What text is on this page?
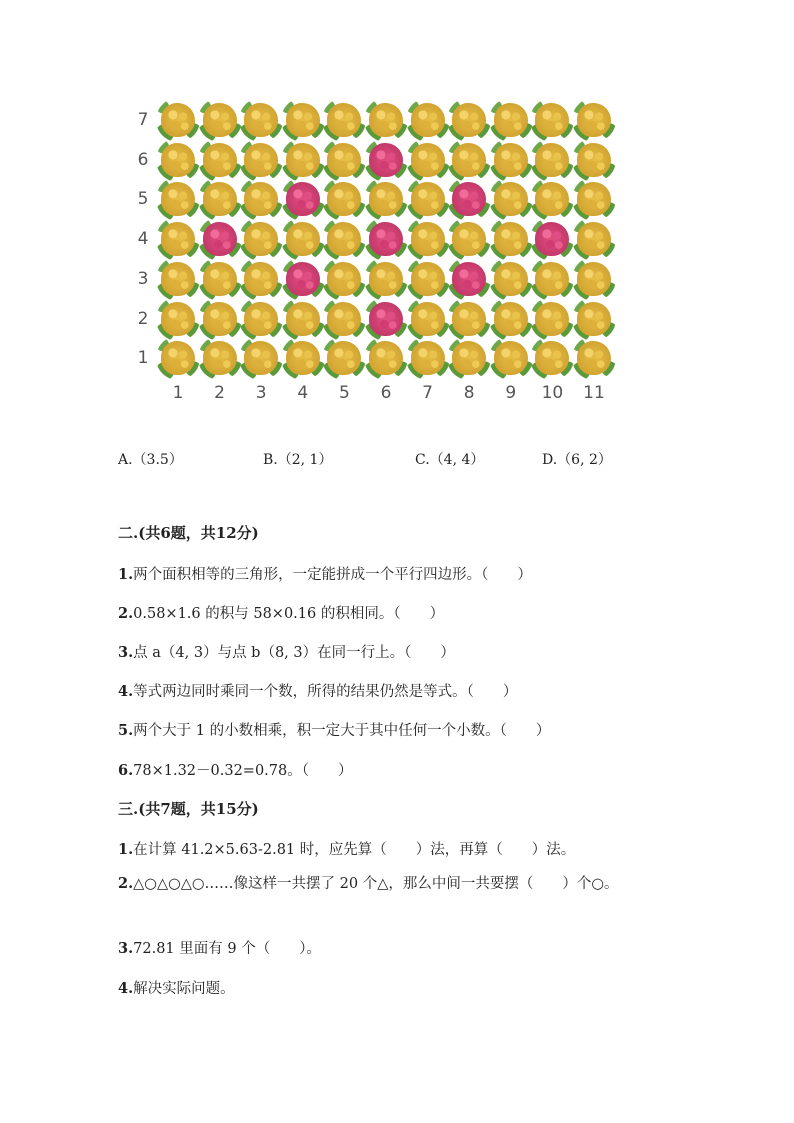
7
6
5
4
3
2
1
1	2	3	4	5	6	7	8	9	10 11
A.（3.5）	B.（2, 1）	C.（4, 4）	D.（6, 2）
二.(共6题，共12分)
1.两个面积相等的三角形，一定能拼成一个平行四边形。（　　）
2.0.58×1.6 的积与 58×0.16 的积相同。（　　）
3.点 a（4, 3）与点 b（8, 3）在同一行上。（　　）
4.等式两边同时乘同一个数，所得的结果仍然是等式。（　　）
5.两个大于 1 的小数相乘，积一定大于其中任何一个小数。（　　）
6.78×1.32－0.32=0.78。（　　）
三.(共7题，共15分)
1.在计算 41.2×5.63-2.81 时，应先算（　　）法，再算（　　）法。
2.△○△○△○……像这样一共摆了 20 个△，那么中间一共要摆（　　）个○。
3.72.81 里面有 9 个（　　）。
4.解决实际问题。
